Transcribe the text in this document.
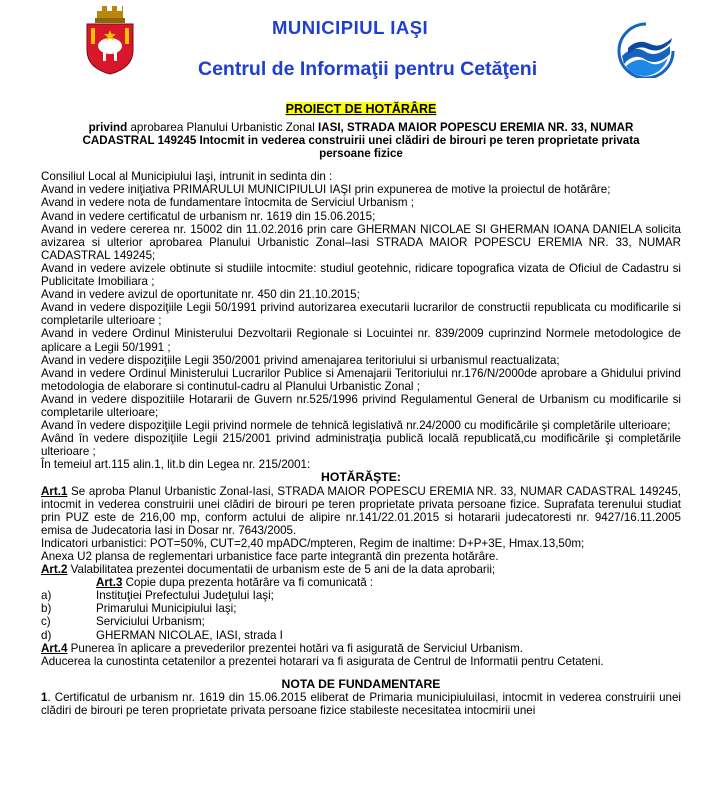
MUNICIPIUL IAŞI
Centrul de Informaţii pentru Cetăţeni
PROIECT DE HOTĂRÂRE

privind aprobarea Planului Urbanistic Zonal IASI, STRADA MAIOR POPESCU EREMIA NR. 33, NUMAR CADASTRAL 149245 Intocmit in vederea construirii unei clădiri de birouri pe teren proprietate privata persoane fizice

Consiliul Local al Municipiului Iaşi, intrunit in sedinta din :

Avand in vedere iniţiativa PRIMARULUI MUNICIPIULUI IAŞI prin expunerea de motive la proiectul de hotărâre;

Avand in vedere nota de fundamentare întocmita de Serviciul Urbanism ;

Avand in vedere certificatul de urbanism nr. 1619 din 15.06.2015;

Avand in vedere cererea nr. 15002 din 11.02.2016 prin care GHERMAN NICOLAE SI GHERMAN IOANA DANIELA solicita avizarea si ulterior aprobarea Planului Urbanistic Zonal–Iasi STRADA MAIOR POPESCU EREMIA NR. 33, NUMAR CADASTRAL 149245;

Avand in vedere avizele obtinute si studiile intocmite: studiul geotehnic, ridicare topografica vizata de Oficiul de Cadastru si Publicitate Imobiliara ;

Avand in vedere avizul de oportunitate nr. 450 din 21.10.2015;

Avand in vedere dispoziţiile Legii 50/1991 privind autorizarea executarii lucrarilor de constructii republicata cu modificarile si completarile ulterioare ;

Avand in vedere Ordinul Ministerului Dezvoltarii Regionale si Locuintei nr. 839/2009 cuprinzind Normele metodologice de aplicare a Legii 50/1991 ;

Avand in vedere dispoziţiile Legii 350/2001 privind amenajarea teritoriului si urbanismul reactualizata;

Avand in vedere Ordinul Ministerului Lucrarilor Publice si Amenajarii Teritoriului nr.176/N/2000de aprobare a Ghidului privind metodologia de elaborare si continutul-cadru al Planului Urbanistic Zonal ;

Avand in vedere dispozitiile Hotararii de Guvern nr.525/1996 privind Regulamentul General de Urbanism cu modificarile si completarile ulterioare;

Avand în vedere dispoziţiile Legii privind normele de tehnică legislativă nr.24/2000 cu modificările şi completările ulterioare;

Având în vedere dispoziţiile Legii 215/2001 privind administraţia publică locală republicată,cu modificările şi completările ulterioare ;

În temeiul art.115 alin.1, lit.b din Legea nr. 215/2001:

HOTĂRĂŞTE:

Art.1 Se aproba Planul Urbanistic Zonal-Iasi, STRADA MAIOR POPESCU EREMIA NR. 33, NUMAR CADASTRAL 149245, intocmit in vederea construirii unei clădiri de birouri pe teren proprietate privata persoane fizice. Suprafata terenului studiat prin PUZ este de 216,00 mp, conform actului de alipire nr.141/22.01.2015 si hotararii judecatoresti nr. 9427/16.11.2005 emisa de Judecatoria Iasi in Dosar nr. 7643/2005.

Indicatori urbanistici: POT=50%, CUT=2,40 mpADC/mpteren, Regim de inaltime: D+P+3E, Hmax.13,50m;

Anexa U2 plansa de reglementari urbanistice face parte integrantă din prezenta hotărâre.

Art.2 Valabilitatea prezentei documentatii de urbanism este de 5 ani de la data aprobarii;

Art.3 Copie dupa prezenta hotărâre va fi comunicată :

a)	Instituţiei Prefectului Judeţului Iaşi;
b)	Primarului Municipiului Iaşi;
c)	Serviciului Urbanism;
d)	GHERMAN NICOLAE, IASI, strada I

Art.4 Punerea în aplicare a prevederilor prezentei hotări va fi asigurată de Serviciul Urbanism.

Aducerea la cunostinta cetatenilor a prezentei hotarari va fi asigurata de Centrul de Informatii pentru Cetateni.

NOTA DE FUNDAMENTARE

1. Certificatul de urbanism nr. 1619 din 15.06.2015 eliberat de Primaria municipiuluiIasi, intocmit in vederea construirii unei clădiri de birouri pe teren proprietate privata persoane fizice stabileste necesitatea intocmirii unei
